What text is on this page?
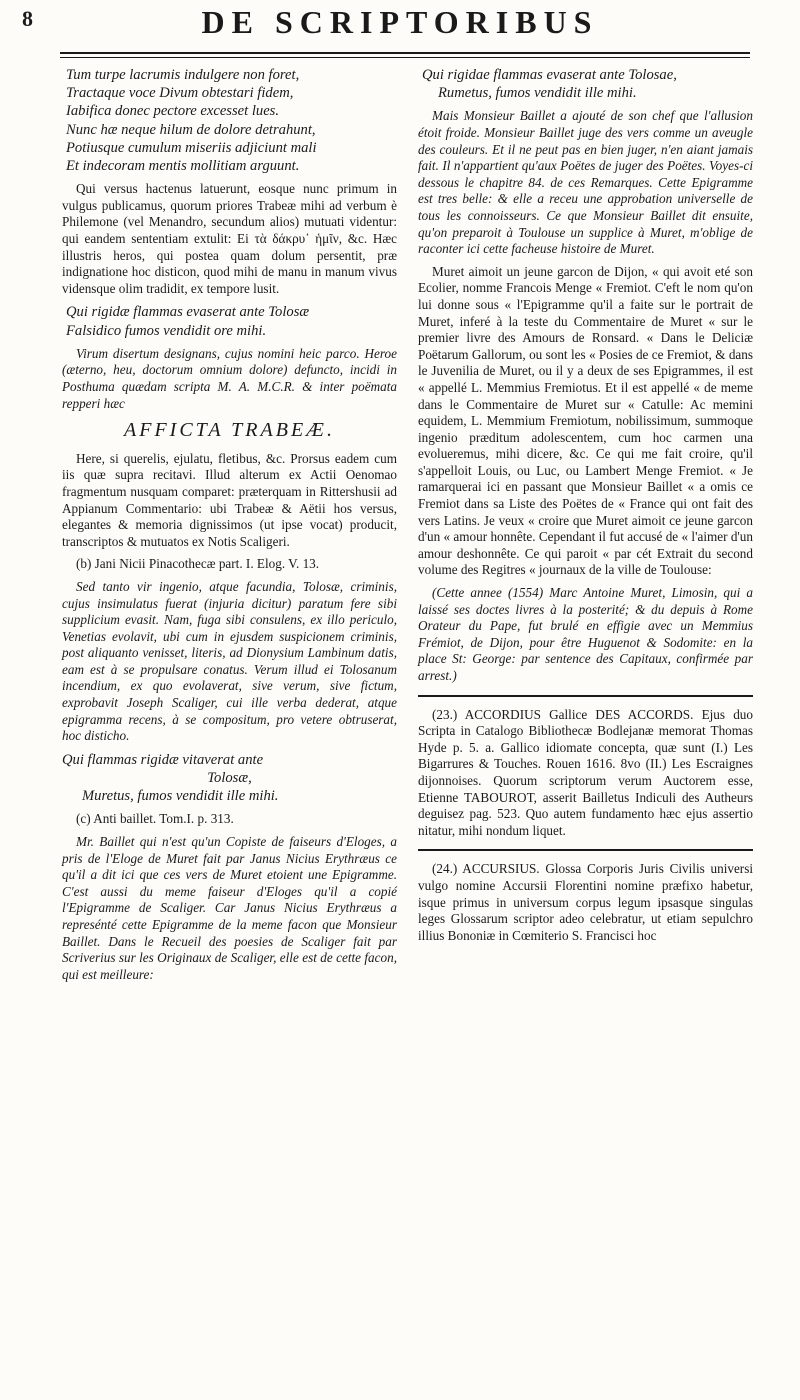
8	DE SCRIPTORIBUS
Tum turpe lacrumis indulgere non foret,
Tractaque voce Divum obtestari fidem,
Iabifica donec pectore excesset lues.
Nunc hæ neque hilum de dolore detrahunt,
Potiusque cumulum miseriis adjiciunt mali
Et indecoram mentis mollitiam arguunt.

Qui versus hactenus latuerunt, eosque nunc primum in vulgus publicamus, quorum priores Trabeæ mihi ad verbum è Philemone (vel Menandro, secundum alios) mutuati videntur: qui eandem sententiam extulit: Ei τὰ δάκρυ᾽ ἡμῖν, &c. Hæc illustris heros, qui postea quam dolum persentit, præ indignatione hoc disticon, quod mihi de manu in manum vivus vidensque olim tradidit, ex tempore lusit.

Qui rigidæ flammas evaserat ante Tolosæ
Falsidico fumos vendidit ore mihi.

Virum disertum designans, cujus nomini heic parco. Heroe (æterno, heu, doctorum omnium dolore) defuncto, incidi in Posthuma quædam scripta M. A. M.C.R. & inter poëmata repperi hæc

AFFICTA TRABEÆ.

Here, si querelis, ejulatu, fletibus, &c. Prorsus eadem cum iis quæ supra recitavi. Illud alterum ex Actii Oenomao fragmentum nusquam comparet: præterquam in Rittershusii ad Appianum Commentario: ubi Trabeæ & Aëtii hos versus, elegantes & memoria dignissimos (ut ipse vocat) producit, transcriptos & mutuatos ex Notis Scaligeri.

(b) Jani Nicii Pinacothecæ part. I. Elog. V. 13.

Sed tanto vir ingenio, atque facundia, Tolosæ, criminis, cujus insimulatus fuerat (injuria dicitur) paratum fere sibi supplicium evasit. Nam, fuga sibi consulens, ex illo periculo, Venetias evolavit, ubi cum in ejusdem suspicionem criminis, post aliquanto venisset, literis, ad Dionysium Lambinum datis, eam est à se propulsare conatus. Verum illud ei Tolosanum incendium, ex quo evolaverat, sive verum, sive fictum, exprobavit Joseph Scaliger, cui ille verba dederat, atque epigramma recens, à se compositum, pro vetere obtruserat, hoc disticho.

Qui flammas rigidæ vitaverat ante
Tolosæ,
Muretus, fumos vendidit ille mihi.

(c) Anti baillet. Tom.I. p. 313.

Mr. Baillet qui n'est qu'un Copiste de faiseurs d'Eloges, a pris de l'Eloge de Muret fait par Janus Nicius Erythræus ce qu'il a dit ici que ces vers de Muret etoient une Epigramme. C'est aussi du meme faiseur d'Eloges qu'il a copié l'Epigramme de Scaliger. Car Janus Nicius Erythræus a represénté cette Epigramme de la meme facon que Monsieur Baillet. Dans le Recueil des poesies de Scaliger fait par Scriverius sur les Originaux de Scaliger, elle est de cette facon, qui est meilleure:

Qui rigidae flammas evaserat ante Tolosae,
Rumetus, fumos vendidit ille mihi.

Mais Monsieur Baillet a ajouté de son chef que l'allusion étoit froide. Monsieur Baillet juge des vers comme un aveugle des couleurs. Et il ne peut pas en bien juger, n'en aiant jamais fait. Il n'appartient qu'aux Poëtes de juger des Poëtes. Voyes-ci dessous le chapitre 84. de ces Remarques. Cette Epigramme est tres belle: & elle a receu une approbation universelle de tous les connoisseurs. Ce que Monsieur Baillet dit ensuite, qu'on preparoit à Toulouse un supplice à Muret, m'oblige de raconter ici cette facheuse histoire de Muret.

Muret aimoit un jeune garcon de Dijon, « qui avoit eté son Ecolier, nomme Francois Menge « Fremiot. C'eft le nom qu'on lui donne sous « l'Epigramme qu'il a faite sur le portrait de Muret, inferé à la teste du Commentaire de Muret « sur le premier livre des Amours de Ronsard. « Dans le Deliciæ Poëtarum Gallorum, ou sont les « Posies de ce Fremiot, & dans le Juvenilia de Muret, ou il y a deux de ses Epigrammes, il est « appellé L. Memmius Fremiotus. Et il est appellé « de meme dans le Commentaire de Muret sur « Catulle: Ac memini equidem, L. Memmium Fremiotum, nobilissimum, summoque ingenio præditum adolescentem, cum hoc carmen una evolueremus, mihi dicere, &c. Ce qui me fait croire, qu'il s'appelloit Louis, ou Luc, ou Lambert Menge Fremiot. « Je ramarquerai ici en passant que Monsieur Baillet « a omis ce Fremiot dans sa Liste des Poëtes de « France qui ont fait des vers Latins. Je veux « croire que Muret aimoit ce jeune garcon d'un « amour honnête. Cependant il fut accusé de « l'aimer d'un amour deshonnête. Ce qui paroit « par cét Extrait du second volume des Regitres « journaux de la ville de Toulouse:

(Cette annee (1554) Marc Antoine Muret, Limosin, qui a laissé ses doctes livres à la posterité; & du depuis à Rome Orateur du Pape, fut brulé en effigie avec un Memmius Frémiot, de Dijon, pour être Huguenot & Sodomite: en la place St: George: par sentence des Capitaux, confirmée par arrest.)

(23.) ACCORDIUS Gallice DES ACCORDS. Ejus duo Scripta in Catalogo Bibliothecæ Bodlejanæ memorat Thomas Hyde p. 5. a. Gallico idiomate concepta, quæ sunt (I.) Les Bigarrures & Touches. Rouen 1616. 8vo (II.) Les Escraignes dijonnoises. Quorum scriptorum verum Auctorem esse, Etienne TABOUROT, asserit Bailletus Indiculi des Autheurs deguisez pag. 523. Quo autem fundamento hæc ejus assertio nitatur, mihi nondum liquet.

(24.) ACCURSIUS. Glossa Corporis Juris Civilis universi vulgo nomine Accursii Florentini nomine præfixo habetur, isque primus in universum corpus legum ipsasque singulas leges Glossarum scriptor adeo celebratur, ut etiam sepulchro illius Bononiæ in Cœmiterio S. Francisci hoc
